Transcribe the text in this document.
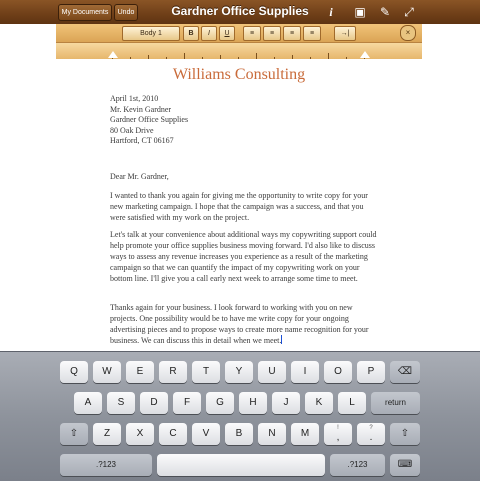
My Documents	Undo	Gardner Office Supplies	i	▣ ✎ ⤢
Body 1	B	I	U	≡	≡	≡	≡	→|	×
Williams Consulting
April 1st, 2010
Mr. Kevin Gardner
Gardner Office Supplies
80 Oak Drive
Hartford, CT 06167
Dear Mr. Gardner,
I wanted to thank you again for giving me the opportunity to write copy for your new marketing campaign. I hope that the campaign was a success, and that you were satisfied with my work on the project.
Let's talk at your convenience about additional ways my copywriting support could help promote your office supplies business moving forward. I'd also like to discuss ways to assess any revenue increases you experience as a result of the marketing campaign so that we can quantify the impact of my copywriting work on your bottom line. I'll give you a call early next week to arrange some time to meet.
Thanks again for your business. I look forward to working with you on new projects. One possibility would be to have me write copy for your ongoing advertising pieces and to propose ways to create more name recognition for your business. We can discuss this in detail when we meet.
Q	W	E	R	T	Y	U	I	O	P	⌫
A	S	D	F	G	H	J	K	L	return
⇧	Z	X	C	V	B	N	M	!
,
?
.	⇧
.?123	.?123	⌨
